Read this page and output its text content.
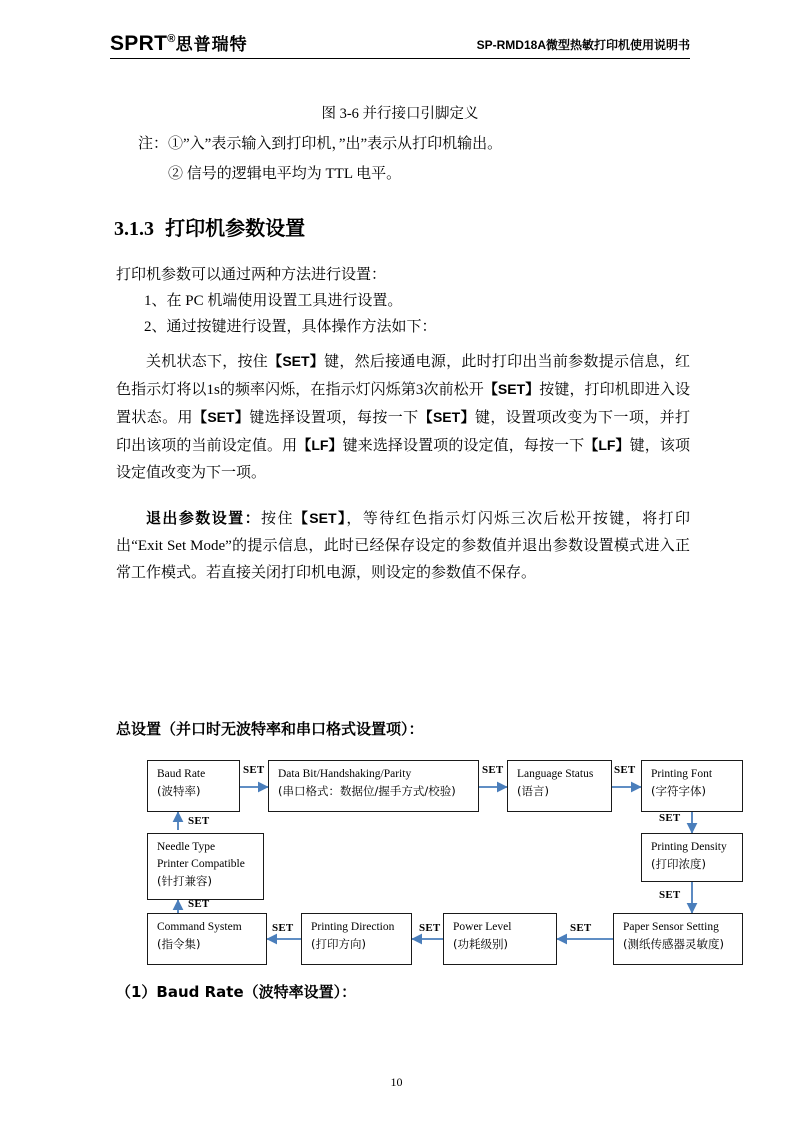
SPRT®思普瑞特	SP-RMD18A微型热敏打印机使用说明书
图 3-6 并行接口引脚定义
注：①”入”表示输入到打印机，”出”表示从打印机输出。
② 信号的逻辑电平均为 TTL 电平。
3.1.3 打印机参数设置
打印机参数可以通过两种方法进行设置：
1、在 PC 机端使用设置工具进行设置。
2、通过按键进行设置，具体操作方法如下：
关机状态下，按住【SET】键，然后接通电源，此时打印出当前参数提示信息，红色指示灯将以1s的频率闪烁，在指示灯闪烁第3次前松开【SET】按键，打印机即进入设置状态。用【SET】键选择设置项，每按一下【SET】键，设置项改变为下一项，并打印出该项的当前设定值。用【LF】键来选择设置项的设定值，每按一下【LF】键，该项设定值改变为下一项。
退出参数设置：按住【SET】，等待红色指示灯闪烁三次后松开按键，将打印出“Exit Set Mode”的提示信息，此时已经保存设定的参数值并退出参数设置模式进入正常工作模式。若直接关闭打印机电源，则设定的参数值不保存。
总设置（并口时无波特率和串口格式设置项）：
Baud Rate
(波特率)
Data Bit/Handshaking/Parity
(串口格式：数据位/握手方式/校验)
Language Status
(语言)
Printing Font
(字符字体)
Printing Density
(打印浓度)
Paper Sensor Setting
(测纸传感器灵敏度)
Power Level
(功耗级别)
Printing Direction
(打印方向)
Command System
(指令集)
Needle Type
Printer Compatible
(针打兼容)
SET	SET	SET
SET
SET
SET
SET
SET
SET
SET
（1）Baud Rate（波特率设置）：
10
